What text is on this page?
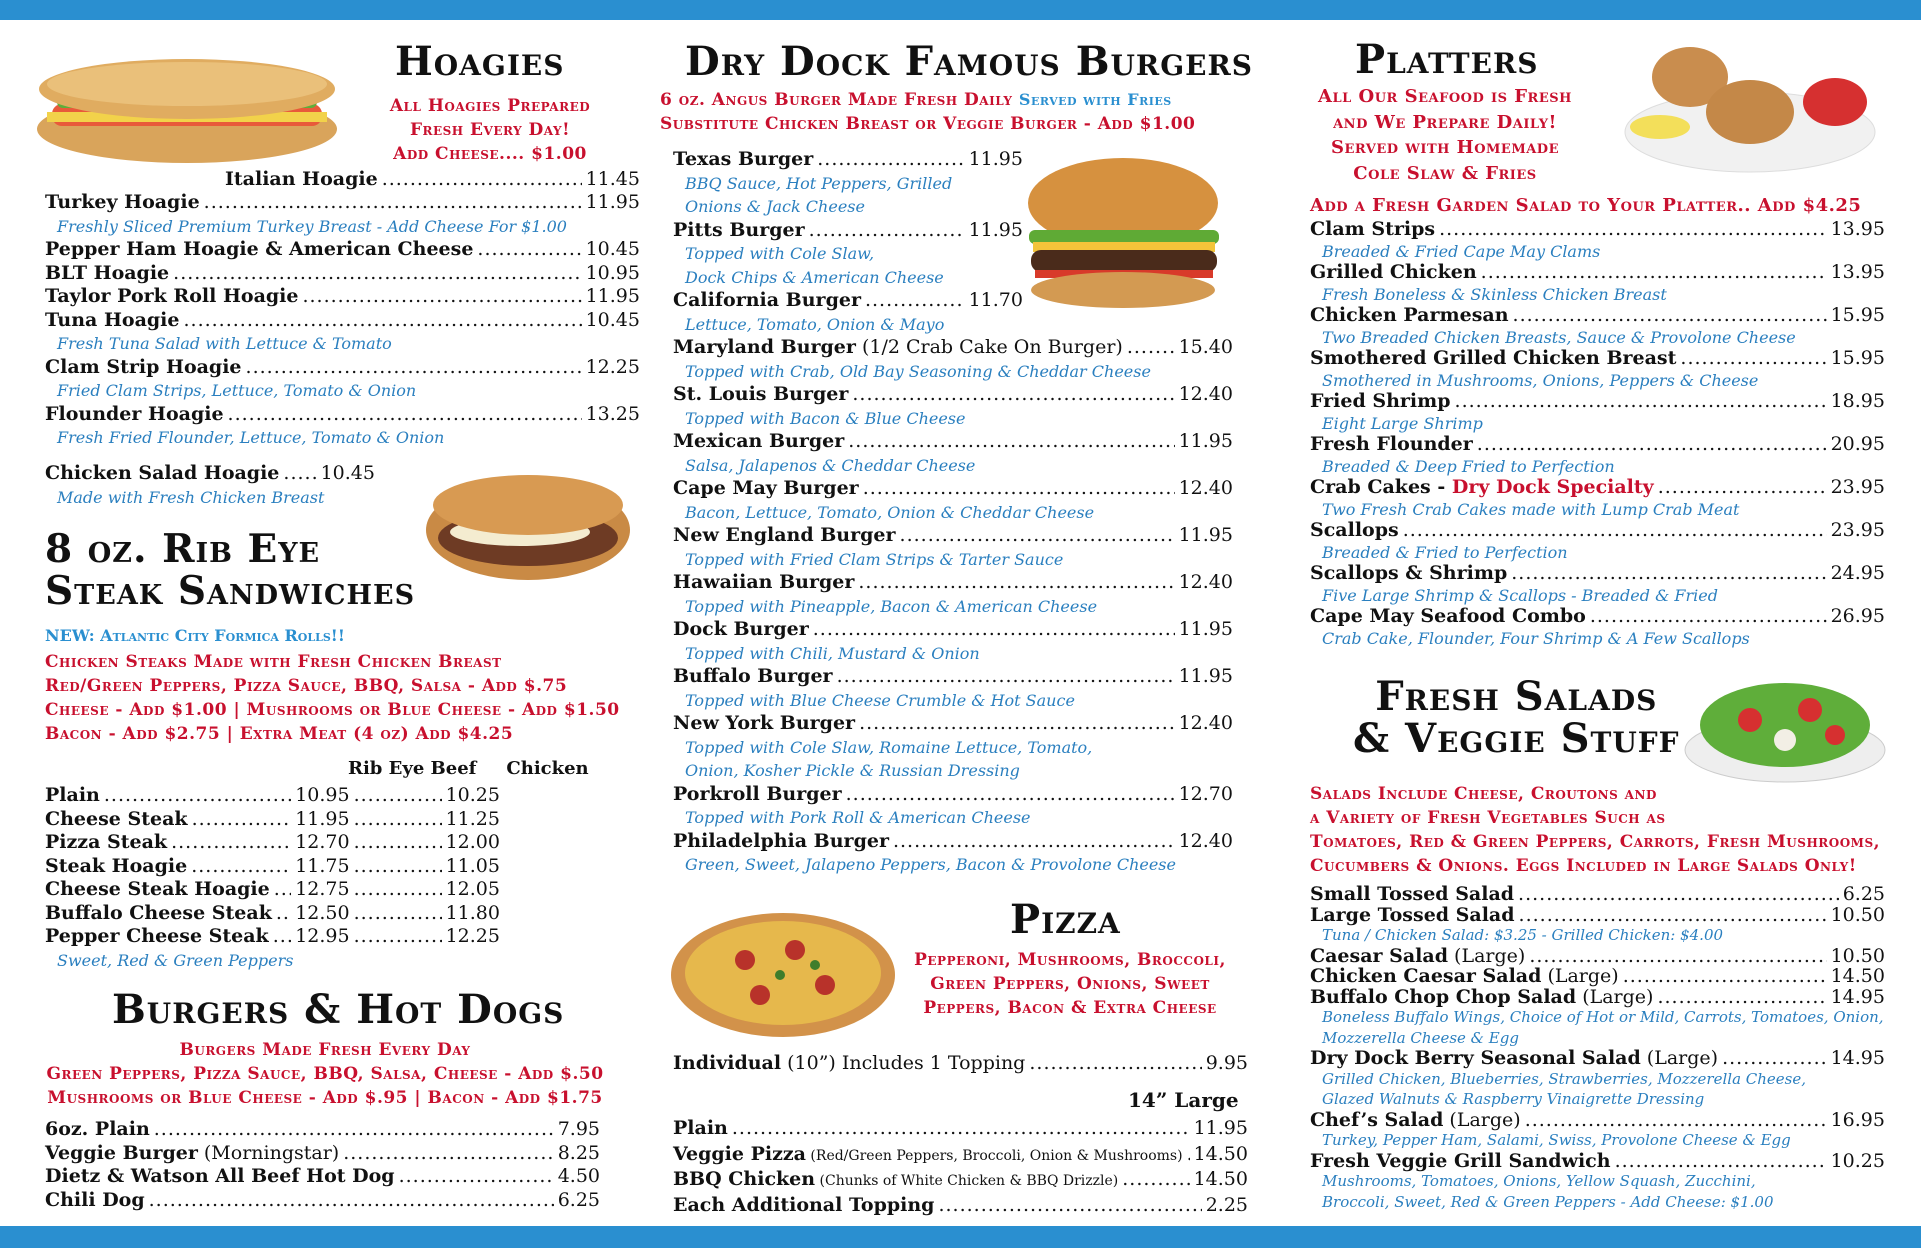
Hoagies
All Hoagies Prepared
Fresh Every Day!
Add Cheese.... $1.00
Italian Hoagie .....	11.45
Turkey Hoagie .....	11.95
Freshly Sliced Premium Turkey Breast - Add Cheese For $1.00
Pepper Ham Hoagie & American Cheese .....	10.45
BLT Hoagie .....	10.95
Taylor Pork Roll Hoagie .....	11.95
Tuna Hoagie .....	10.45
Fresh Tuna Salad with Lettuce & Tomato
Clam Strip Hoagie .....	12.25
Fried Clam Strips, Lettuce, Tomato & Onion
Flounder Hoagie .....	13.25
Fresh Fried Flounder, Lettuce, Tomato & Onion
Chicken Salad Hoagie ..... 10.45
Made with Fresh Chicken Breast
8 oz. Rib Eye
Steak Sandwiches
NEW: Atlantic City Formica Rolls!!
Chicken Steaks Made with Fresh Chicken Breast
Red/Green Peppers, Pizza Sauce, BBQ, Salsa - Add $.75
Cheese - Add $1.00 | Mushrooms or Blue Cheese - Add $1.50
Bacon - Add $2.75 | Extra Meat (4 oz) Add $4.25
Rib Eye Beef Chicken
Plain .....	10.95 .....	10.25
Cheese Steak .....	11.95 .....	11.25
Pizza Steak .....	12.70 .....	12.00
Steak Hoagie .....	11.75 .....	11.05
Cheese Steak Hoagie ..... 12.75 .....	12.05
Buffalo Cheese Steak ..... 12.50 .....	11.80
Pepper Cheese Steak ..... 12.95 .....	12.25
Sweet, Red & Green Peppers
Burgers & Hot Dogs
Burgers Made Fresh Every Day
Green Peppers, Pizza Sauce, BBQ, Salsa, Cheese - Add $.50
Mushrooms or Blue Cheese - Add $.95 | Bacon - Add $1.75
6oz. Plain .....	7.95
Veggie Burger (Morningstar) .....	8.25
Dietz & Watson All Beef Hot Dog .....	4.50
Chili Dog .....	6.25
Dry Dock Famous Burgers
6 oz. Angus Burger Made Fresh Daily Served with Fries
Substitute Chicken Breast or Veggie Burger - Add $1.00
Texas Burger .....	11.95
BBQ Sauce, Hot Peppers, Grilled
Onions & Jack Cheese
Pitts Burger .....	11.95
Topped with Cole Slaw,
Dock Chips & American Cheese
California Burger .....	11.70
Lettuce, Tomato, Onion & Mayo
Maryland Burger (1/2 Crab Cake On Burger) .....	15.40
Topped with Crab, Old Bay Seasoning & Cheddar Cheese
St. Louis Burger .....	12.40
Topped with Bacon & Blue Cheese
Mexican Burger .....	11.95
Salsa, Jalapenos & Cheddar Cheese
Cape May Burger .....	12.40
Bacon, Lettuce, Tomato, Onion & Cheddar Cheese
New England Burger .....	11.95
Topped with Fried Clam Strips & Tarter Sauce
Hawaiian Burger .....	12.40
Topped with Pineapple, Bacon & American Cheese
Dock Burger .....	11.95
Topped with Chili, Mustard & Onion
Buffalo Burger .....	11.95
Topped with Blue Cheese Crumble & Hot Sauce
New York Burger .....	12.40
Topped with Cole Slaw, Romaine Lettuce, Tomato,
Onion, Kosher Pickle & Russian Dressing
Porkroll Burger .....	12.70
Topped with Pork Roll & American Cheese
Philadelphia Burger .....	12.40
Green, Sweet, Jalapeno Peppers, Bacon & Provolone Cheese
Pizza
Pepperoni, Mushrooms, Broccoli,
Green Peppers, Onions, Sweet
Peppers, Bacon & Extra Cheese
Individual (10”) Includes 1 Topping .....	9.95
14” Large
Plain .....	11.95
Veggie Pizza (Red/Green Peppers, Broccoli, Onion & Mushrooms) ..... 14.50
BBQ Chicken (Chunks of White Chicken & BBQ Drizzle) .....	14.50
Each Additional Topping .....	2.25
Platters
All Our Seafood is Fresh
and We Prepare Daily!
Served with Homemade
Cole Slaw & Fries
Add a Fresh Garden Salad to Your Platter.. Add $4.25
Clam Strips .....	13.95
Breaded & Fried Cape May Clams
Grilled Chicken .....	13.95
Fresh Boneless & Skinless Chicken Breast
Chicken Parmesan .....	15.95
Two Breaded Chicken Breasts, Sauce & Provolone Cheese
Smothered Grilled Chicken Breast .....	15.95
Smothered in Mushrooms, Onions, Peppers & Cheese
Fried Shrimp .....	18.95
Eight Large Shrimp
Fresh Flounder .....	20.95
Breaded & Deep Fried to Perfection
Crab Cakes - Dry Dock Specialty .....	23.95
Two Fresh Crab Cakes made with Lump Crab Meat
Scallops .....	23.95
Breaded & Fried to Perfection
Scallops & Shrimp .....	24.95
Five Large Shrimp & Scallops - Breaded & Fried
Cape May Seafood Combo .....	26.95
Crab Cake, Flounder, Four Shrimp & A Few Scallops
Fresh Salads
& Veggie Stuff
Salads Include Cheese, Croutons and
a Variety of Fresh Vegetables Such as
Tomatoes, Red & Green Peppers, Carrots, Fresh Mushrooms,
Cucumbers & Onions. Eggs Included in Large Salads Only!
Small Tossed Salad .....	6.25
Large Tossed Salad .....	10.50
Tuna / Chicken Salad: $3.25 - Grilled Chicken: $4.00
Caesar Salad (Large) .....	10.50
Chicken Caesar Salad (Large) .....	14.50
Buffalo Chop Chop Salad (Large) .....	14.95
Boneless Buffalo Wings, Choice of Hot or Mild, Carrots, Tomatoes, Onion,
Mozzerella Cheese & Egg
Dry Dock Berry Seasonal Salad (Large) .....	14.95
Grilled Chicken, Blueberries, Strawberries, Mozzerella Cheese,
Glazed Walnuts & Raspberry Vinaigrette Dressing
Chef’s Salad (Large) .....	16.95
Turkey, Pepper Ham, Salami, Swiss, Provolone Cheese & Egg
Fresh Veggie Grill Sandwich .....	10.25
Mushrooms, Tomatoes, Onions, Yellow Squash, Zucchini,
Broccoli, Sweet, Red & Green Peppers - Add Cheese: $1.00
